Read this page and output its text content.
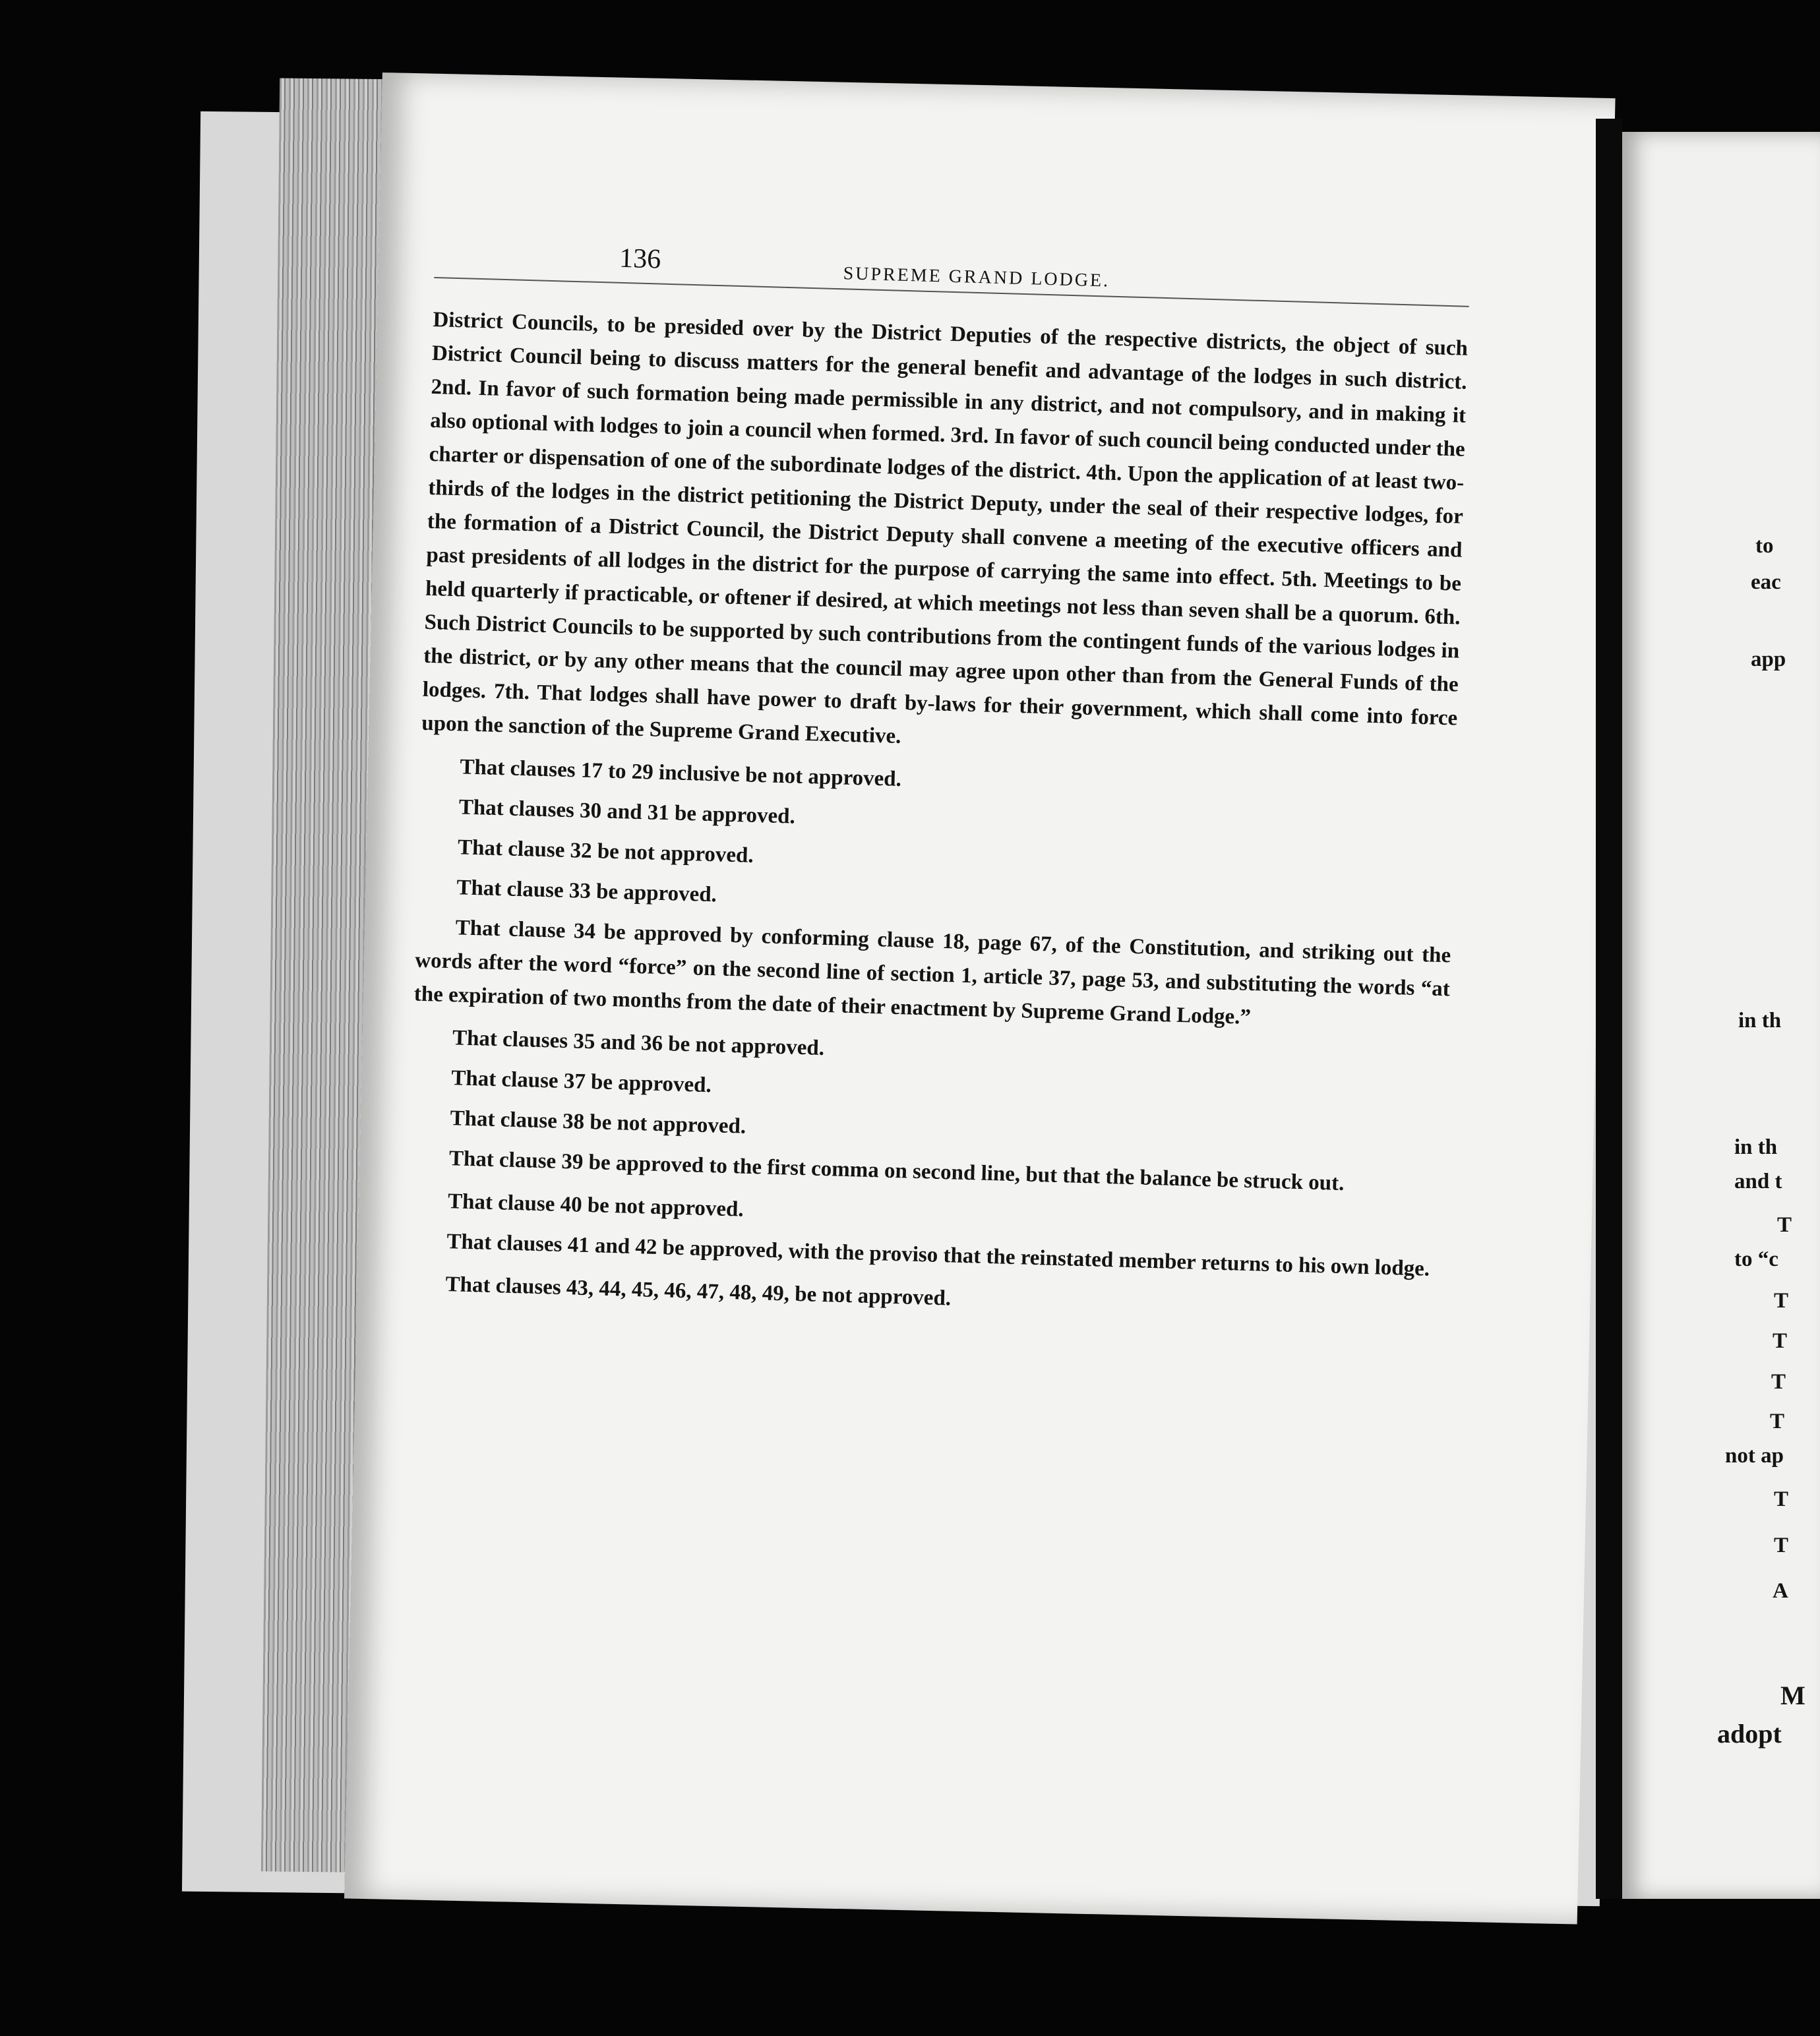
136
SUPREME GRAND LODGE.

District Councils, to be presided over by the District Deputies of the respective districts, the object of such District Council being to discuss matters for the general benefit and advantage of the lodges in such district. 2nd. In favor of such formation being made permissible in any district, and not compulsory, and in making it also optional with lodges to join a council when formed. 3rd. In favor of such council being conducted under the charter or dispensation of one of the subordinate lodges of the district. 4th. Upon the application of at least two-thirds of the lodges in the district petitioning the District Deputy, under the seal of their respective lodges, for the formation of a District Council, the District Deputy shall convene a meeting of the executive officers and past presidents of all lodges in the district for the purpose of carrying the same into effect. 5th. Meetings to be held quarterly if practicable, or oftener if desired, at which meetings not less than seven shall be a quorum. 6th. Such District Councils to be supported by such contributions from the contingent funds of the various lodges in the district, or by any other means that the council may agree upon other than from the General Funds of the lodges. 7th. That lodges shall have power to draft by-laws for their government, which shall come into force upon the sanction of the Supreme Grand Executive.

That clauses 17 to 29 inclusive be not approved.

That clauses 30 and 31 be approved.

That clause 32 be not approved.

That clause 33 be approved.

That clause 34 be approved by conforming clause 18, page 67, of the Constitution, and striking out the words after the word “force” on the second line of section 1, article 37, page 53, and substituting the words “at the expiration of two months from the date of their enactment by Supreme Grand Lodge.”

That clauses 35 and 36 be not approved.

That clause 37 be approved.

That clause 38 be not approved.

That clause 39 be approved to the first comma on second line, but that the balance be struck out.

That clause 40 be not approved.

That clauses 41 and 42 be approved, with the proviso that the reinstated member returns to his own lodge.

That clauses 43, 44, 45, 46, 47, 48, 49, be not approved.

to
eac
app
in th
in th
and t
T
to “c
T
T
T
T
not ap
T
T
A
M
adopt
